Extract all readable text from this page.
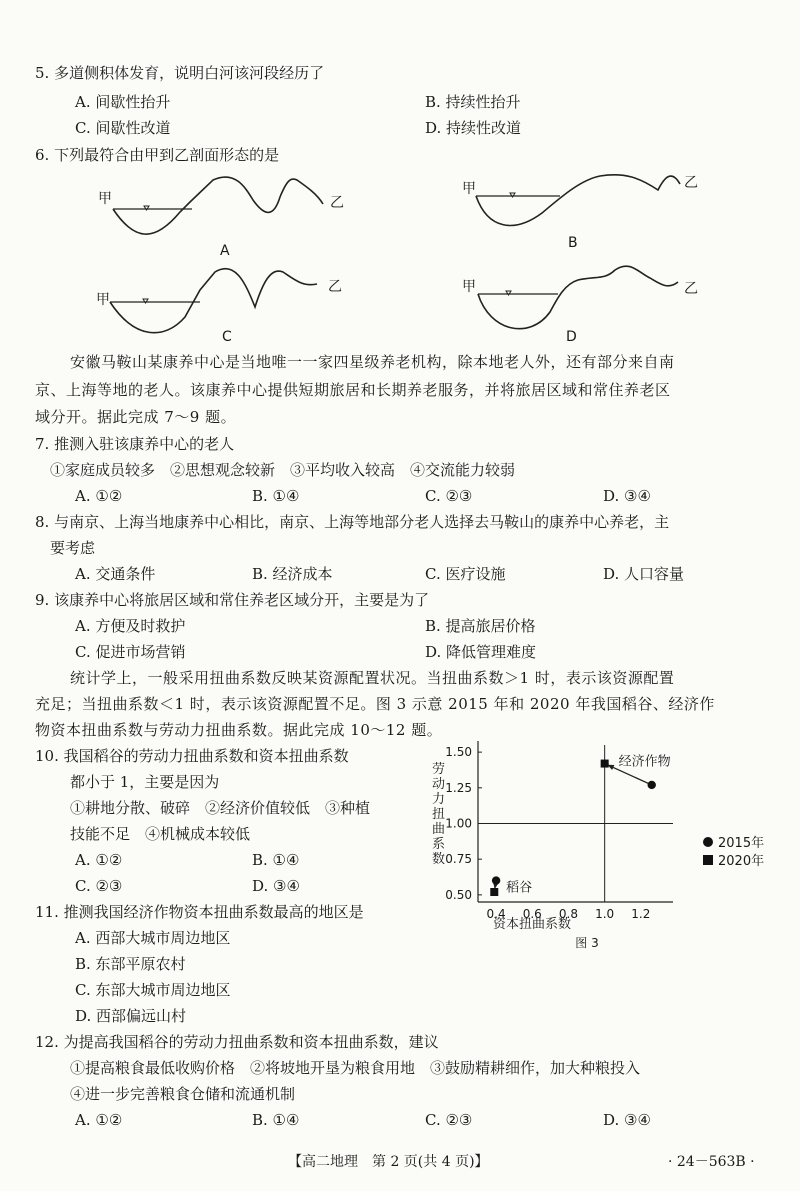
5. 多道侧积体发育，说明白河该河段经历了
A. 间歇性抬升	B. 持续性抬升
C. 间歇性改道	D. 持续性改道
6. 下列最符合由甲到乙剖面形态的是
甲	乙
A
甲	乙
B
甲
乙
C
甲	乙
D
安徽马鞍山某康养中心是当地唯一一家四星级养老机构，除本地老人外，还有部分来自南
京、上海等地的老人。该康养中心提供短期旅居和长期养老服务，并将旅居区域和常住养老区
域分开。据此完成 7～9 题。
7. 推测入驻该康养中心的老人
①家庭成员较多　②思想观念较新　③平均收入较高　④交流能力较弱
A. ①②	B. ①④	C. ②③	D. ③④
8. 与南京、上海当地康养中心相比，南京、上海等地部分老人选择去马鞍山的康养中心养老，主
要考虑
A. 交通条件	B. 经济成本	C. 医疗设施	D. 人口容量
9. 该康养中心将旅居区域和常住养老区域分开，主要是为了
A. 方便及时救护	B. 提高旅居价格
C. 促进市场营销	D. 降低管理难度
统计学上，一般采用扭曲系数反映某资源配置状况。当扭曲系数＞1 时，表示该资源配置
充足；当扭曲系数＜1 时，表示该资源配置不足。图 3 示意 2015 年和 2020 年我国稻谷、经济作
物资本扭曲系数与劳动力扭曲系数。据此完成 10～12 题。
10. 我国稻谷的劳动力扭曲系数和资本扭曲系数
都小于 1，主要是因为
①耕地分散、破碎　②经济价值较低　③种植
技能不足　④机械成本较低
A. ①②	B. ①④
C. ②③	D. ③④
11. 推测我国经济作物资本扭曲系数最高的地区是
A. 西部大城市周边地区
B. 东部平原农村
C. 东部大城市周边地区
D. 西部偏远山村
12. 为提高我国稻谷的劳动力扭曲系数和资本扭曲系数，建议
①提高粮食最低收购价格　②将坡地开垦为粮食用地　③鼓励精耕细作，加大种粮投入
④进一步完善粮食仓储和流通机制
A. ①②	B. ①④	C. ②③	D. ③④
【高二地理　第 2 页(共 4 页)】	· 24－563B ·
0.4 0.6 0.8 1.0 1.2
0.50
0.75
1.00
1.25
1.50
稻谷
经济作物
2015年
2020年
资本扭曲系数
图 3
劳动力扭曲系数
